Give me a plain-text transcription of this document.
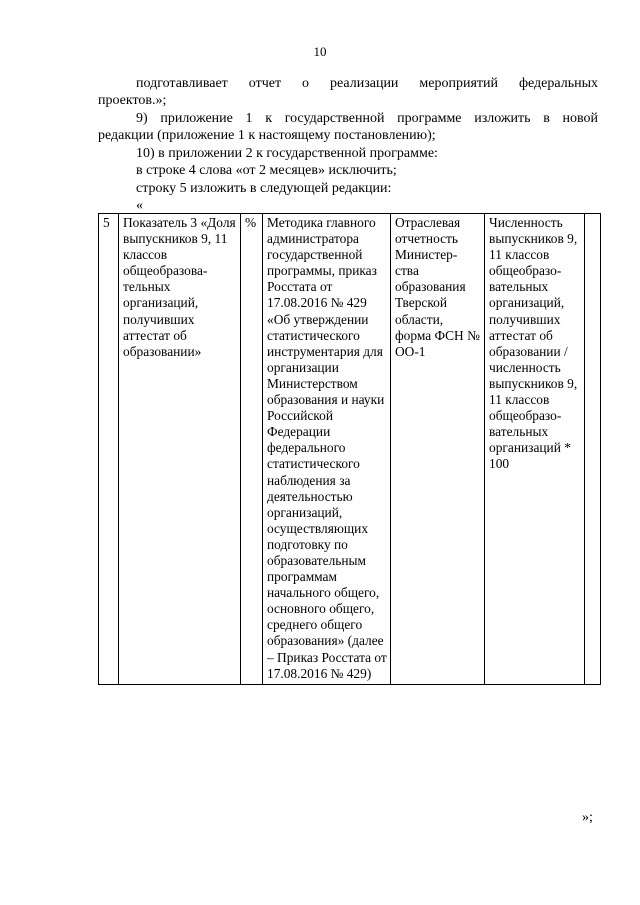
10
подготавливает отчет о реализации мероприятий федеральных
проектов.»;
9) приложение 1 к государственной программе изложить в новой
редакции (приложение 1 к настоящему постановлению);
10) в приложении 2 к государственной программе:
в строке 4 слова «от 2 месяцев» исключить;
строку 5 изложить в следующей редакции:
«
5	Показатель 3 «Доля выпускников 9, 11 классов общеобразова-тельных организаций, получивших аттестат об образовании»	%	Методика главного администратора государственной программы, приказ Росстата от 17.08.2016 № 429 «Об утверждении статистического инструментария для организации Министерством образования и науки Российской Федерации федерального статистического наблюдения за деятельностью организаций, осуществляющих подготовку по образовательным программам начального общего, основного общего, среднего общего образования» (далее – Приказ Росстата от 17.08.2016 № 429)	Отраслевая отчетность Министер-ства образования Тверской области, форма ФСН № ОО-1	Численность выпускников 9, 11 классов общеобразо-вательных организаций, получивших аттестат об образовании / численность выпускников 9, 11 классов общеобразо-вательных организаций * 100	
»;
